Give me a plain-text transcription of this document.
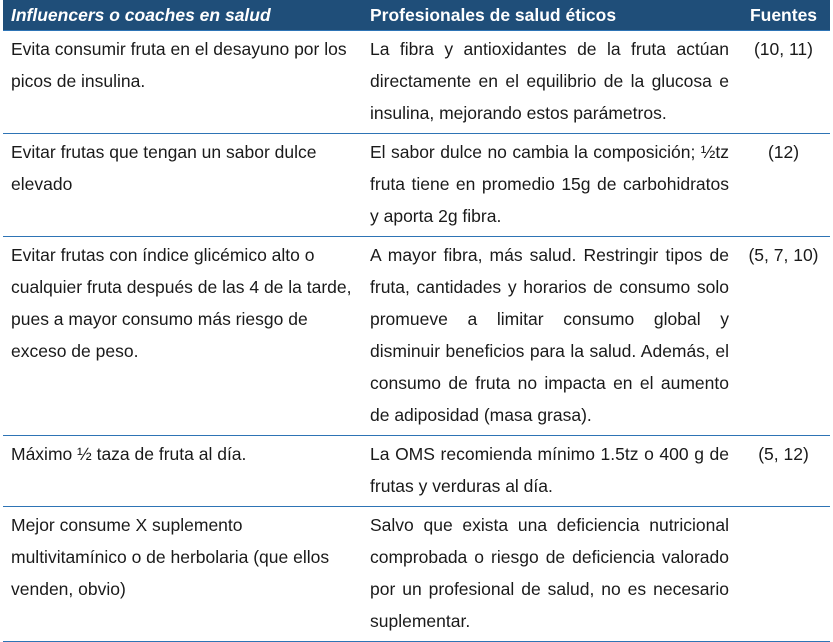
Influencers o coaches en salud	Profesionales de salud éticos	Fuentes
Evita consumir fruta en el desayuno por los picos de insulina.	La fibra y antioxidantes de la fruta actúan directamente en el equilibrio de la glucosa e insulina, mejorando estos parámetros.	(10, 11)
Evitar frutas que tengan un sabor dulce elevado	El sabor dulce no cambia la composición; ½tz fruta tiene en promedio 15g de carbohidratos y aporta 2g fibra.	(12)
Evitar frutas con índice glicémico alto o cualquier fruta después de las 4 de la tarde, pues a mayor consumo más riesgo de exceso de peso.	A mayor fibra, más salud. Restringir tipos de fruta, cantidades y horarios de consumo solo promueve a limitar consumo global y disminuir beneficios para la salud. Además, el consumo de fruta no impacta en el aumento de adiposidad (masa grasa).	(5, 7, 10)
Máximo ½ taza de fruta al día.	La OMS recomienda mínimo 1.5tz o 400 g de frutas y verduras al día.	(5, 12)
Mejor consume X suplemento multivitamínico o de herbolaria (que ellos venden, obvio)	Salvo que exista una deficiencia nutricional comprobada o riesgo de deficiencia valorado por un profesional de salud, no es necesario suplementar.	
